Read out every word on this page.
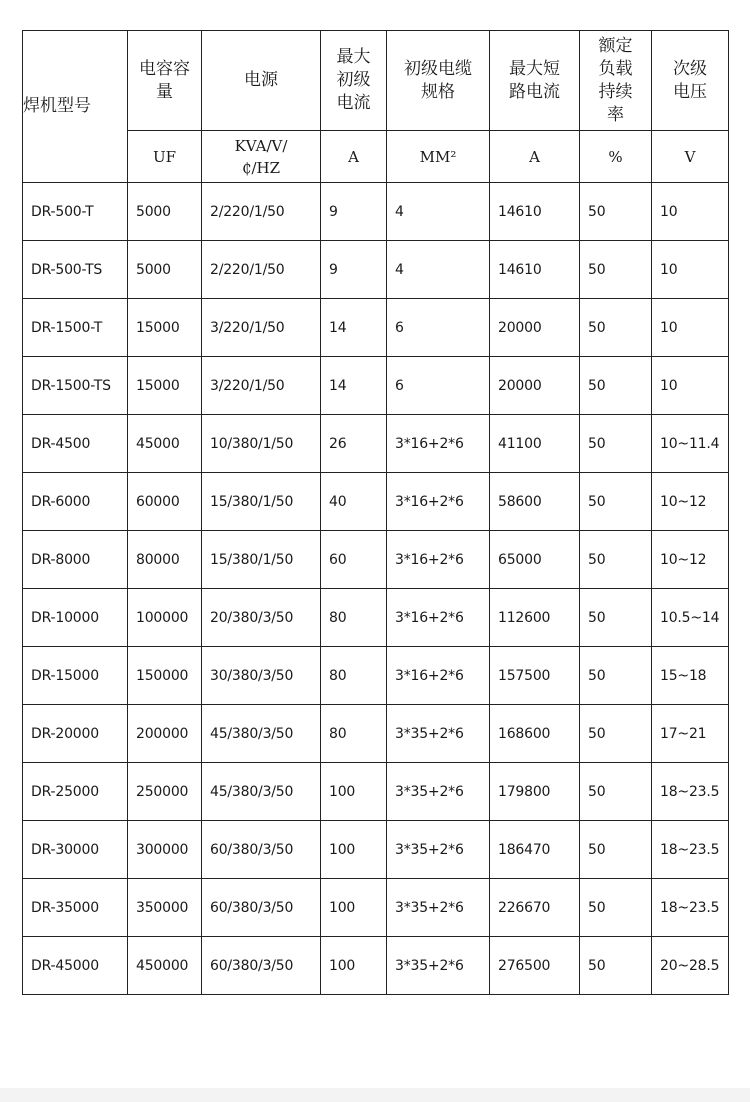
焊机型号	电容容量	电源	最大初级电流	初级电缆规格	最大短路电流	额定负载持续率	次级电压
	UF	KVA/V/₵/HZ	A	MM²	A	%	V
DR-500-T	5000	2/220/1/50	9	4	14610	50	10
DR-500-TS	5000	2/220/1/50	9	4	14610	50	10
DR-1500-T	15000	3/220/1/50	14	6	20000	50	10
DR-1500-TS	15000	3/220/1/50	14	6	20000	50	10
DR-4500	45000	10/380/1/50	26	3*16+2*6	41100	50	10~11.4
DR-6000	60000	15/380/1/50	40	3*16+2*6	58600	50	10~12
DR-8000	80000	15/380/1/50	60	3*16+2*6	65000	50	10~12
DR-10000	100000	20/380/3/50	80	3*16+2*6	112600	50	10.5~14
DR-15000	150000	30/380/3/50	80	3*16+2*6	157500	50	15~18
DR-20000	200000	45/380/3/50	80	3*35+2*6	168600	50	17~21
DR-25000	250000	45/380/3/50	100	3*35+2*6	179800	50	18~23.5
DR-30000	300000	60/380/3/50	100	3*35+2*6	186470	50	18~23.5
DR-35000	350000	60/380/3/50	100	3*35+2*6	226670	50	18~23.5
DR-45000	450000	60/380/3/50	100	3*35+2*6	276500	50	20~28.5
